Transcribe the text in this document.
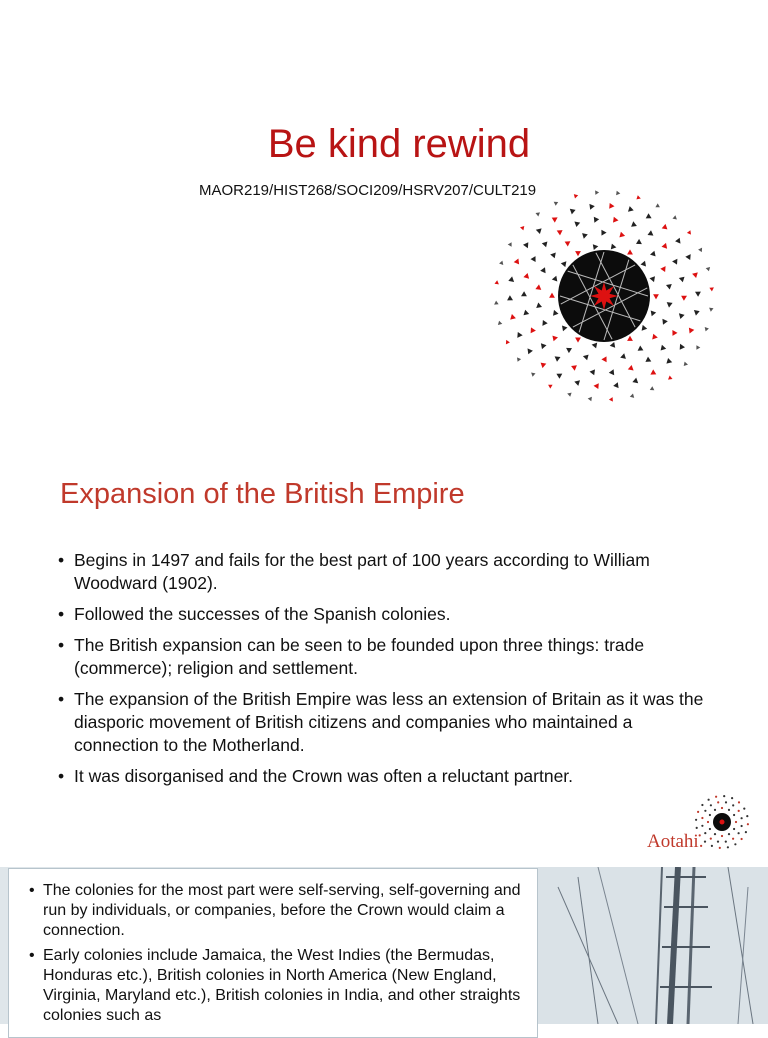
Be kind rewind
MAOR219/HIST268/SOCI209/HSRV207/CULT219
Expansion of the British Empire
• Begins in 1497 and fails for the best part of 100 years according to William Woodward (1902).
• Followed the successes of the Spanish colonies.
• The British expansion can be seen to be founded upon three things: trade (commerce); religion and settlement.
• The expansion of the British Empire was less an extension of Britain as it was the diasporic movement of British citizens and companies who maintained a connection to the Motherland.
• It was disorganised and the Crown was often a reluctant partner.
Aotahi.
• The colonies for the most part were self-serving, self-governing and run by individuals, or companies, before the Crown would claim a connection.
• Early colonies include Jamaica, the West Indies (the Bermudas, Honduras etc.), British colonies in North America (New England, Virginia, Maryland etc.), British colonies in India, and other straights colonies such as
